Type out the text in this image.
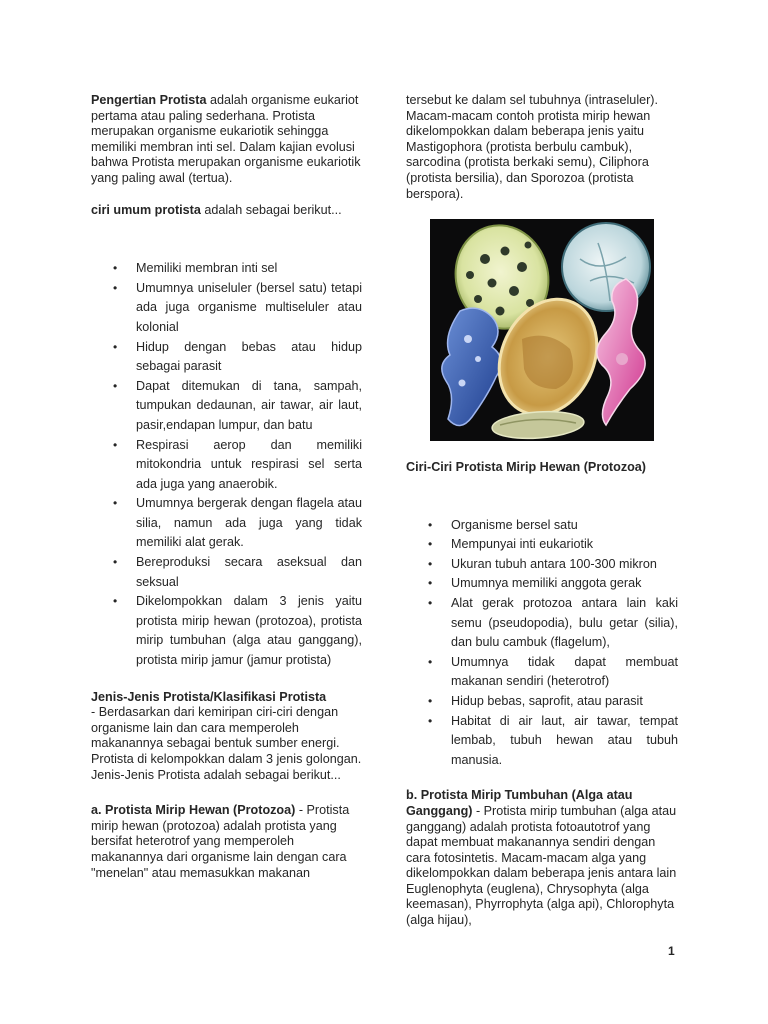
Pengertian Protista adalah organisme eukariot pertama atau paling sederhana. Protista merupakan organisme eukariotik sehingga memiliki membran inti sel. Dalam kajian evolusi bahwa Protista merupakan organisme eukariotik yang paling awal (tertua).

ciri umum protista adalah sebagai berikut...

• Memiliki membran inti sel
• Umumnya uniseluler (bersel satu) tetapi ada juga organisme multiseluler atau kolonial
• Hidup dengan bebas atau hidup sebagai parasit
• Dapat ditemukan di tana, sampah, tumpukan dedaunan, air tawar, air laut, pasir,endapan lumpur, dan batu
• Respirasi aerop dan memiliki mitokondria untuk respirasi sel serta ada juga yang anaerobik.
• Umumnya bergerak dengan flagela atau silia, namun ada juga yang tidak memiliki alat gerak.
• Bereproduksi secara aseksual dan seksual
• Dikelompokkan dalam 3 jenis yaitu protista mirip hewan (protozoa), protista mirip tumbuhan (alga atau ganggang), protista mirip jamur (jamur protista)

Jenis-Jenis Protista/Klasifikasi Protista
- Berdasarkan dari kemiripan ciri-ciri dengan organisme lain dan cara memperoleh makanannya sebagai bentuk sumber energi. Protista di kelompokkan dalam 3 jenis golongan. Jenis-Jenis Protista adalah sebagai berikut...

a. Protista Mirip Hewan (Protozoa) - Protista mirip hewan (protozoa) adalah protista yang bersifat heterotrof yang memperoleh makanannya dari organisme lain dengan cara "menelan" atau memasukkan makanan

tersebut ke dalam sel tubuhnya (intraseluler). Macam-macam contoh protista mirip hewan dikelompokkan dalam beberapa jenis yaitu Mastigophora (protista berbulu cambuk), sarcodina (protista berkaki semu), Ciliphora (protista bersilia), dan Sporozoa (protista berspora).

Ciri-Ciri Protista Mirip Hewan (Protozoa)

• Organisme bersel satu
• Mempunyai inti eukariotik
• Ukuran tubuh antara 100-300 mikron
• Umumnya memiliki anggota gerak
• Alat gerak protozoa antara lain kaki semu (pseudopodia), bulu getar (silia), dan bulu cambuk (flagelum),
• Umumnya tidak dapat membuat makanan sendiri (heterotrof)
• Hidup bebas, saprofit, atau parasit
• Habitat di air laut, air tawar, tempat lembab, tubuh hewan atau tubuh manusia.

b. Protista Mirip Tumbuhan (Alga atau Ganggang) - Protista mirip tumbuhan (alga atau ganggang) adalah protista fotoautotrof yang dapat membuat makanannya sendiri dengan cara fotosintetis. Macam-macam alga yang dikelompokkan dalam beberapa jenis antara lain Euglenophyta (euglena), Chrysophyta (alga keemasan), Phyrrophyta (alga api), Chlorophyta (alga hijau),

1
